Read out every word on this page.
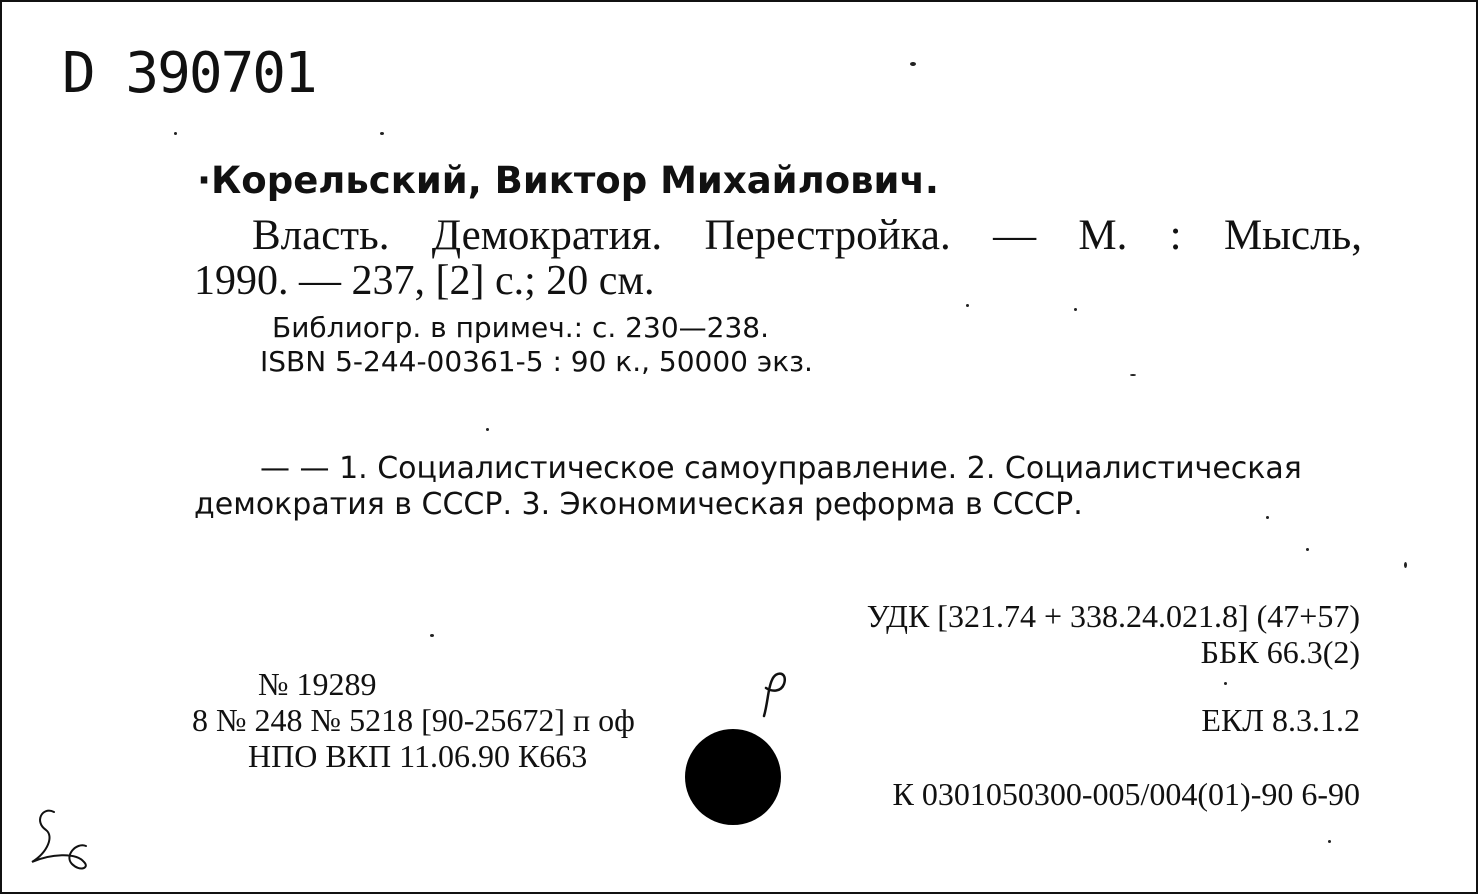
D 390701
·Корельский, Виктор Михайлович.
Власть. Демократия. Перестройка. — М. : Мысль,
1990. — 237, [2] с.; 20 см.
Библиогр. в примеч.: с. 230—238.
ISBN 5-244-00361-5 : 90 к., 50000 экз.
— — 1. Социалистическое самоуправление. 2. Социалистическая
демократия в СССР. 3. Экономическая реформа в СССР.
УДК [321.74 + 338.24.021.8] (47+57)
ББК 66.3(2)
№ 19289
8 № 248 № 5218 [90-25672] п оф
НПО ВКП 11.06.90 К663
ЕКЛ 8.3.1.2
К 0301050300-005/004(01)-90 6-90
